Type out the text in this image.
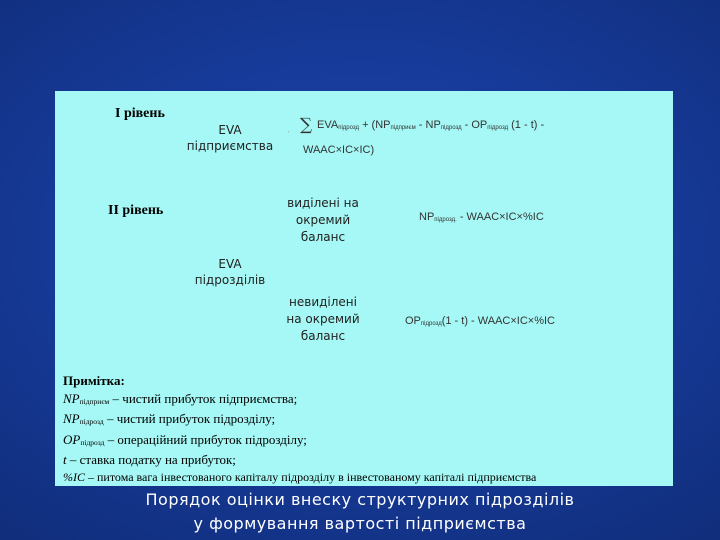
І рівень
EVA
підприємства
˙ ∑ $EVA_{підрозд} + (NP_{підприєм} - NP_{підрозд} - OP_{підрозд}$ (1 - t) -
WAAC×IC×IC)
ІІ рівень
EVA
підрозділів
виділені на
окремий
баланс
$NP_{підрозд.}$ - WAAC×IC×%IC
невиділені
на окремий
баланс
$OP_{підрозд}(1 - t)$ - WAAC×IC×%IC
Примітка:
$NP_{підприєм}$ – чистий прибуток підприємства;
$NP_{підрозд}$ – чистий прибуток підрозділу;
$OP_{підрозд}$ – операційний прибуток підрозділу;
t – ставка податку на прибуток;
%IC – питома вага інвестованого капіталу підрозділу в інвестованому капіталі підприємства
Порядок оцінки внеску структурних підрозділів
у формування вартості підприємства
